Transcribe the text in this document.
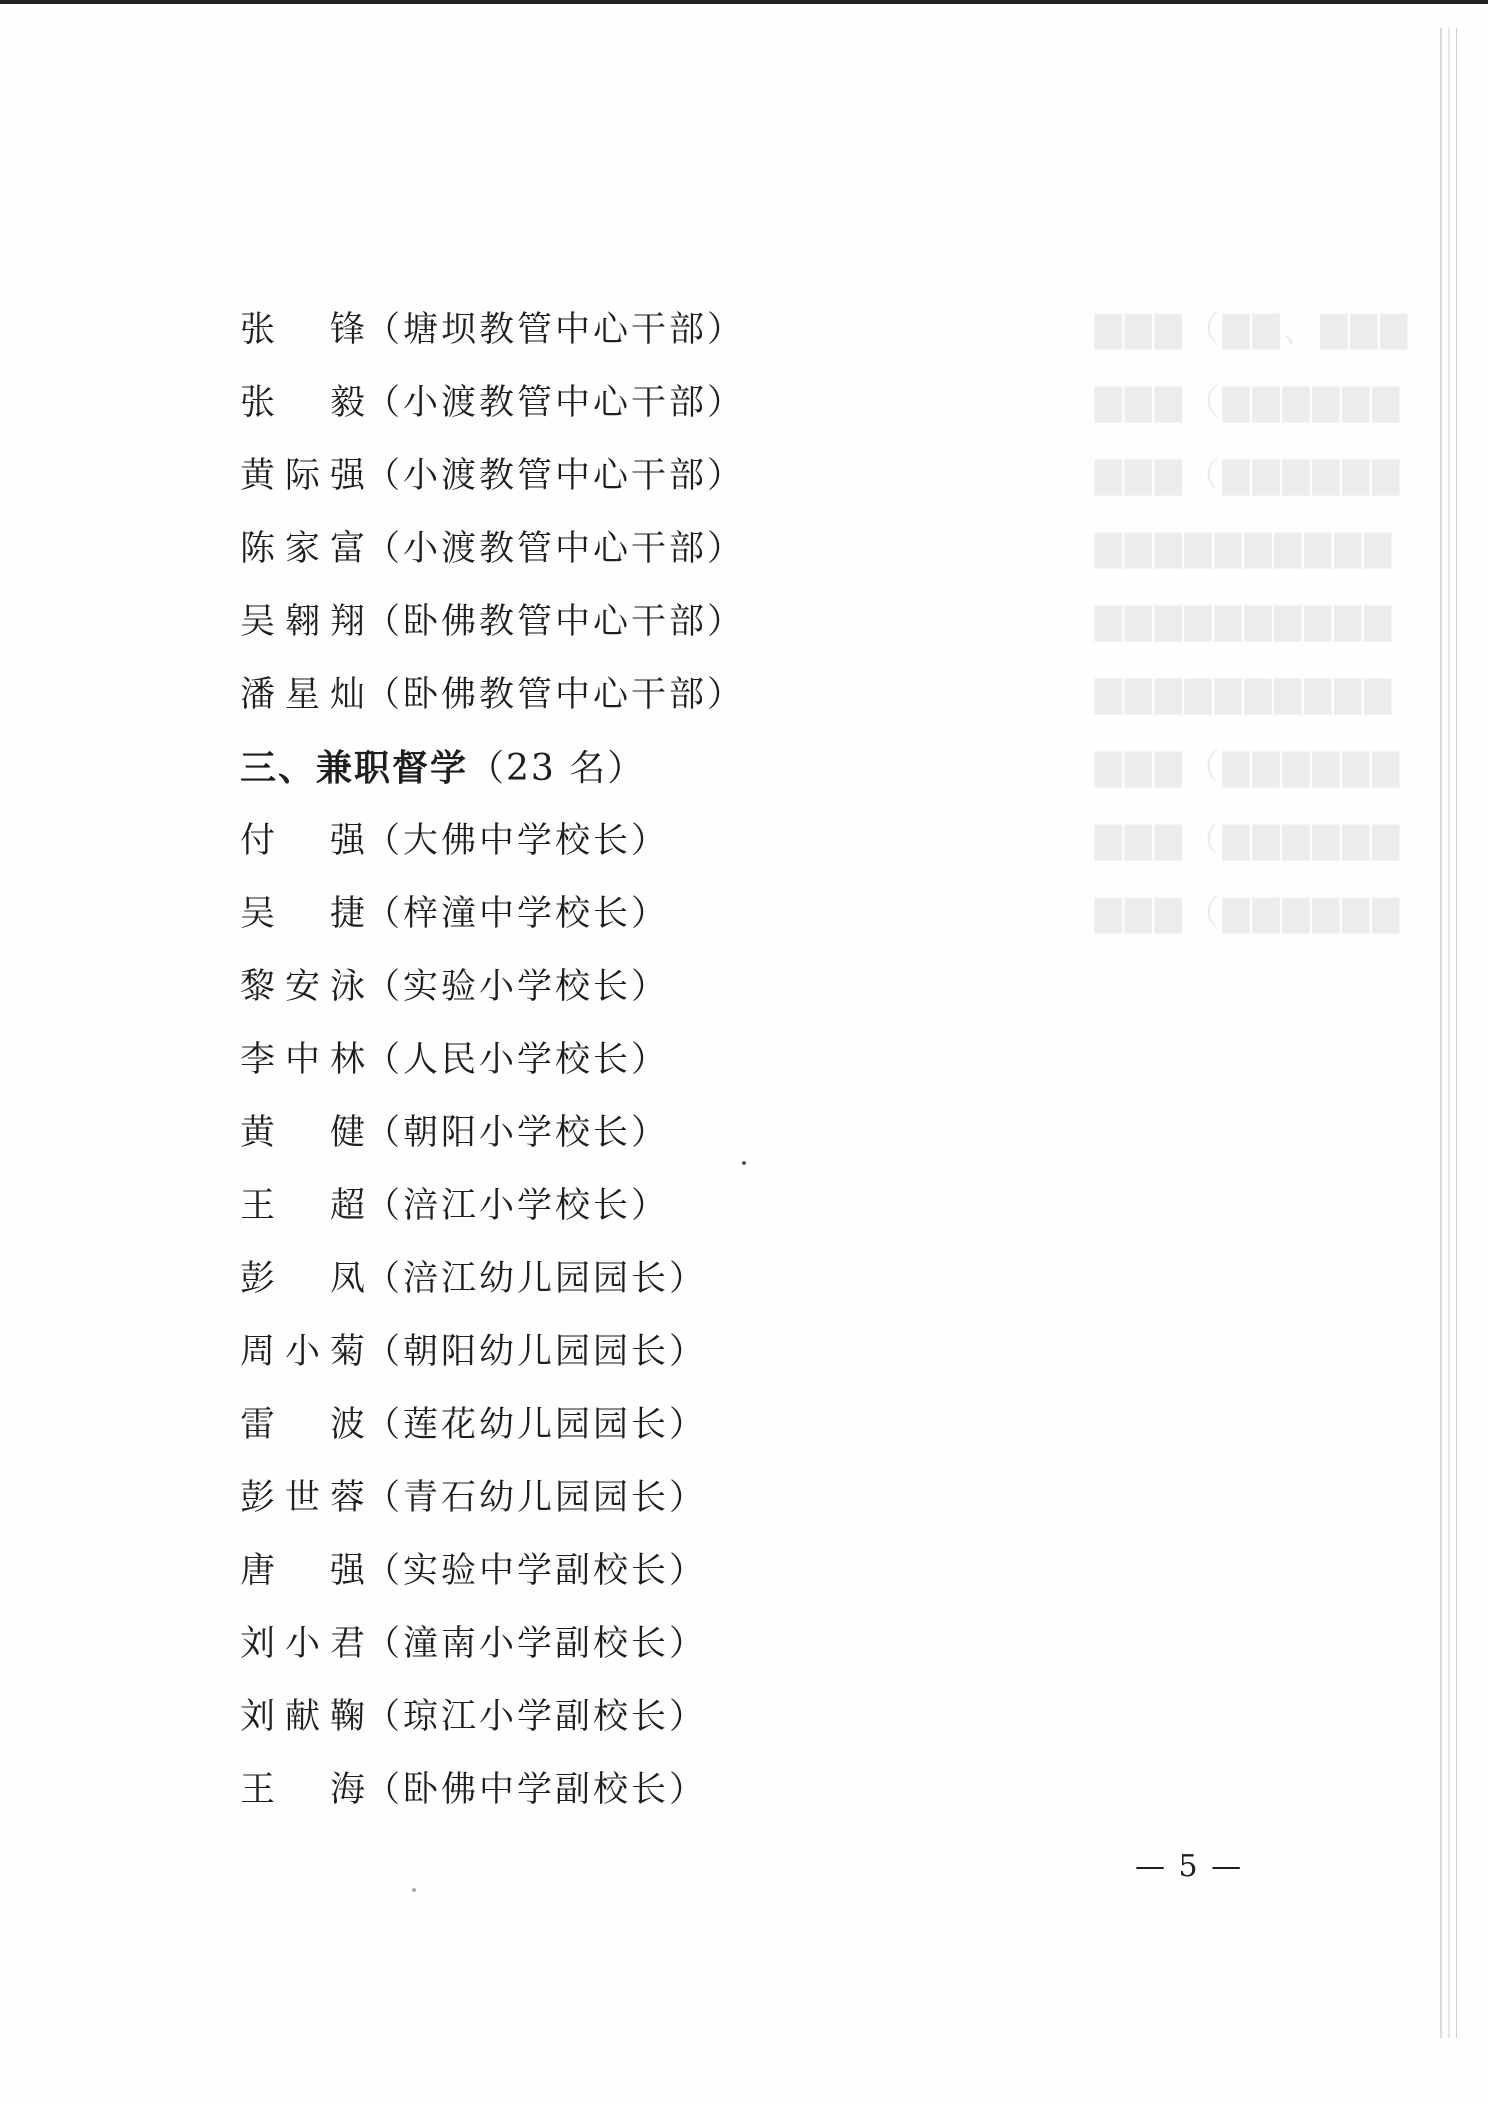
▇▇▇（▇▇、▇▇▇
▇▇▇（▇▇▇▇▇▇
▇▇▇（▇▇▇▇▇▇
▇▇▇▇▇▇▇▇▇▇
▇▇▇▇▇▇▇▇▇▇
▇▇▇▇▇▇▇▇▇▇
▇▇▇（▇▇▇▇▇▇
▇▇▇（▇▇▇▇▇▇
▇▇▇（▇▇▇▇▇▇
张 锋（塘坝教管中心干部）
张 毅（小渡教管中心干部）
黄际强（小渡教管中心干部）
陈家富（小渡教管中心干部）
吴翱翔（卧佛教管中心干部）
潘星灿（卧佛教管中心干部）
三、兼职督学（23 名）
付 强（大佛中学校长）
吴 捷（梓潼中学校长）
黎安泳（实验小学校长）
李中林（人民小学校长）
黄 健（朝阳小学校长）
王 超（涪江小学校长）
彭 凤（涪江幼儿园园长）
周小菊（朝阳幼儿园园长）
雷 波（莲花幼儿园园长）
彭世蓉（青石幼儿园园长）
唐 强（实验中学副校长）
刘小君（潼南小学副校长）
刘献鞠（琼江小学副校长）
王 海（卧佛中学副校长）
— 5 —
